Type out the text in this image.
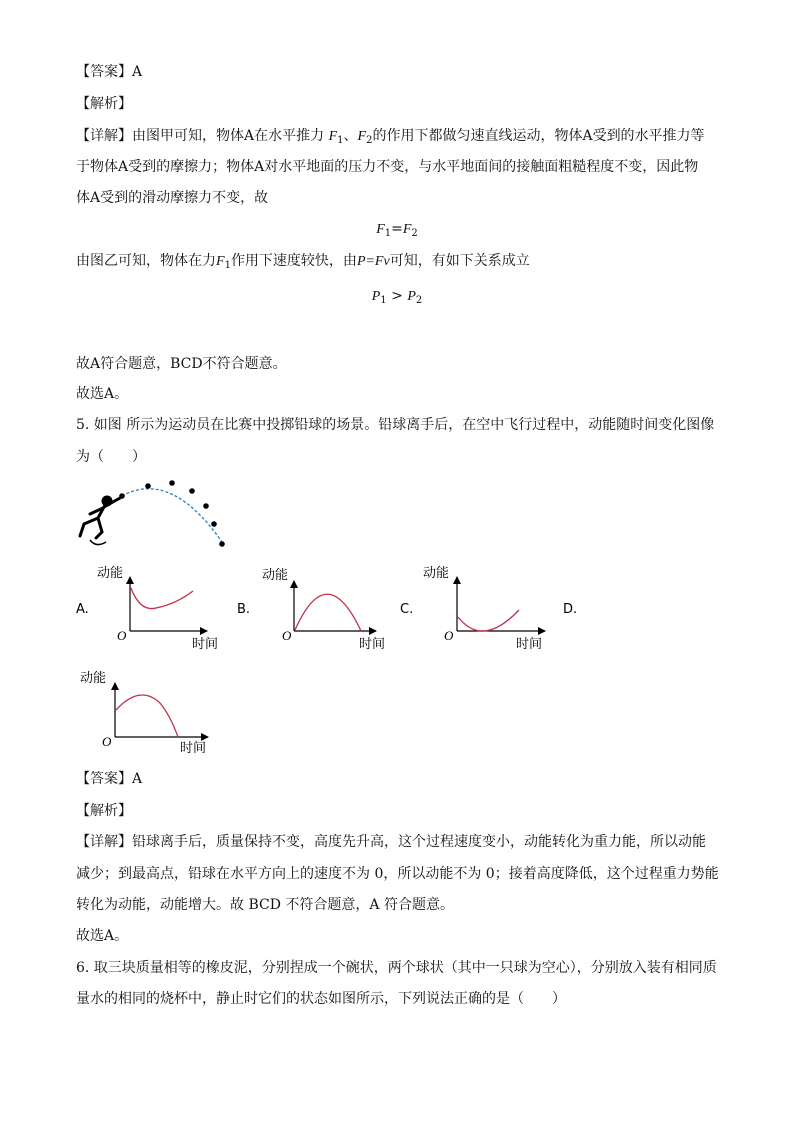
【答案】A
【解析】
【详解】由图甲可知，物体A在水平推力 $F_1$、$F_2$的作用下都做匀速直线运动，物体A受到的水平推力等
于物体A受到的摩擦力；物体A对水平地面的压力不变，与水平地面间的接触面粗糙程度不变，因此物
体A受到的滑动摩擦力不变，故
$F_1=F_2$
由图乙可知，物体在力$F_1$作用下速度较快，由P=Fv可知，有如下关系成立
$P_1 > P_2$
故A符合题意，BCD不符合题意。
故选A。
5. 如图 所示为运动员在比赛中投掷铅球的场景。铅球离手后，在空中飞行过程中，动能随时间变化图像
为（　　）
A.
动能
O
时间
B.
动能
O
时间
C.
动能
O
时间
D.
动能
O	时间
【答案】A
【解析】
【详解】铅球离手后，质量保持不变，高度先升高，这个过程速度变小，动能转化为重力能，所以动能
减少；到最高点，铅球在水平方向上的速度不为 0，所以动能不为 0；接着高度降低，这个过程重力势能
转化为动能，动能增大。故 BCD 不符合题意，A 符合题意。
故选A。
6. 取三块质量相等的橡皮泥，分别捏成一个碗状，两个球状（其中一只球为空心），分别放入装有相同质
量水的相同的烧杯中，静止时它们的状态如图所示，下列说法正确的是（　　）
